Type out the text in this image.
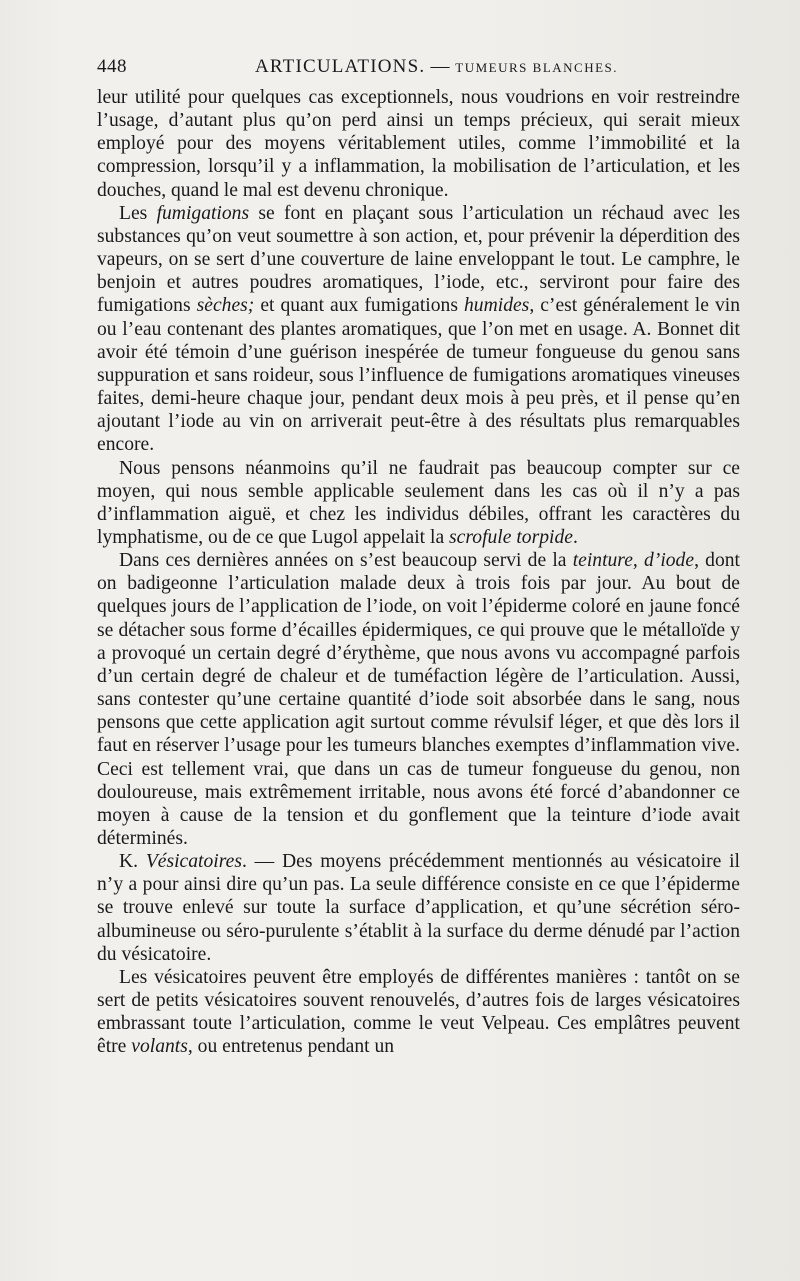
448	ARTICULATIONS. — TUMEURS BLANCHES.

leur utilité pour quelques cas exceptionnels, nous voudrions en voir restreindre l’usage, d’autant plus qu’on perd ainsi un temps précieux, qui serait mieux employé pour des moyens véritablement utiles, comme l’immobilité et la compression, lorsqu’il y a inflammation, la mobilisation de l’articulation, et les douches, quand le mal est devenu chronique.

Les fumigations se font en plaçant sous l’articulation un réchaud avec les substances qu’on veut soumettre à son action, et, pour prévenir la déperdition des vapeurs, on se sert d’une couverture de laine enveloppant le tout. Le camphre, le benjoin et autres poudres aromatiques, l’iode, etc., serviront pour faire des fumigations sèches; et quant aux fumigations humides, c’est généralement le vin ou l’eau contenant des plantes aromatiques, que l’on met en usage. A. Bonnet dit avoir été témoin d’une guérison inespérée de tumeur fongueuse du genou sans suppuration et sans roideur, sous l’influence de fumigations aromatiques vineuses faites, demi-heure chaque jour, pendant deux mois à peu près, et il pense qu’en ajoutant l’iode au vin on arriverait peut-être à des résultats plus remarquables encore.

Nous pensons néanmoins qu’il ne faudrait pas beaucoup compter sur ce moyen, qui nous semble applicable seulement dans les cas où il n’y a pas d’inflammation aiguë, et chez les individus débiles, offrant les caractères du lymphatisme, ou de ce que Lugol appelait la scrofule torpide.

Dans ces dernières années on s’est beaucoup servi de la teinture, d’iode, dont on badigeonne l’articulation malade deux à trois fois par jour. Au bout de quelques jours de l’application de l’iode, on voit l’épiderme coloré en jaune foncé se détacher sous forme d’écailles épidermiques, ce qui prouve que le métalloïde y a provoqué un certain degré d’érythème, que nous avons vu accompagné parfois d’un certain degré de chaleur et de tuméfaction légère de l’articulation. Aussi, sans contester qu’une certaine quantité d’iode soit absorbée dans le sang, nous pensons que cette application agit surtout comme révulsif léger, et que dès lors il faut en réserver l’usage pour les tumeurs blanches exemptes d’inflammation vive. Ceci est tellement vrai, que dans un cas de tumeur fongueuse du genou, non douloureuse, mais extrêmement irritable, nous avons été forcé d’abandonner ce moyen à cause de la tension et du gonflement que la teinture d’iode avait déterminés.

K. Vésicatoires. — Des moyens précédemment mentionnés au vésicatoire il n’y a pour ainsi dire qu’un pas. La seule différence consiste en ce que l’épiderme se trouve enlevé sur toute la surface d’application, et qu’une sécrétion séro-albumineuse ou séro-purulente s’établit à la surface du derme dénudé par l’action du vésicatoire.

Les vésicatoires peuvent être employés de différentes manières : tantôt on se sert de petits vésicatoires souvent renouvelés, d’autres fois de larges vésicatoires embrassant toute l’articulation, comme le veut Velpeau. Ces emplâtres peuvent être volants, ou entretenus pendant un
